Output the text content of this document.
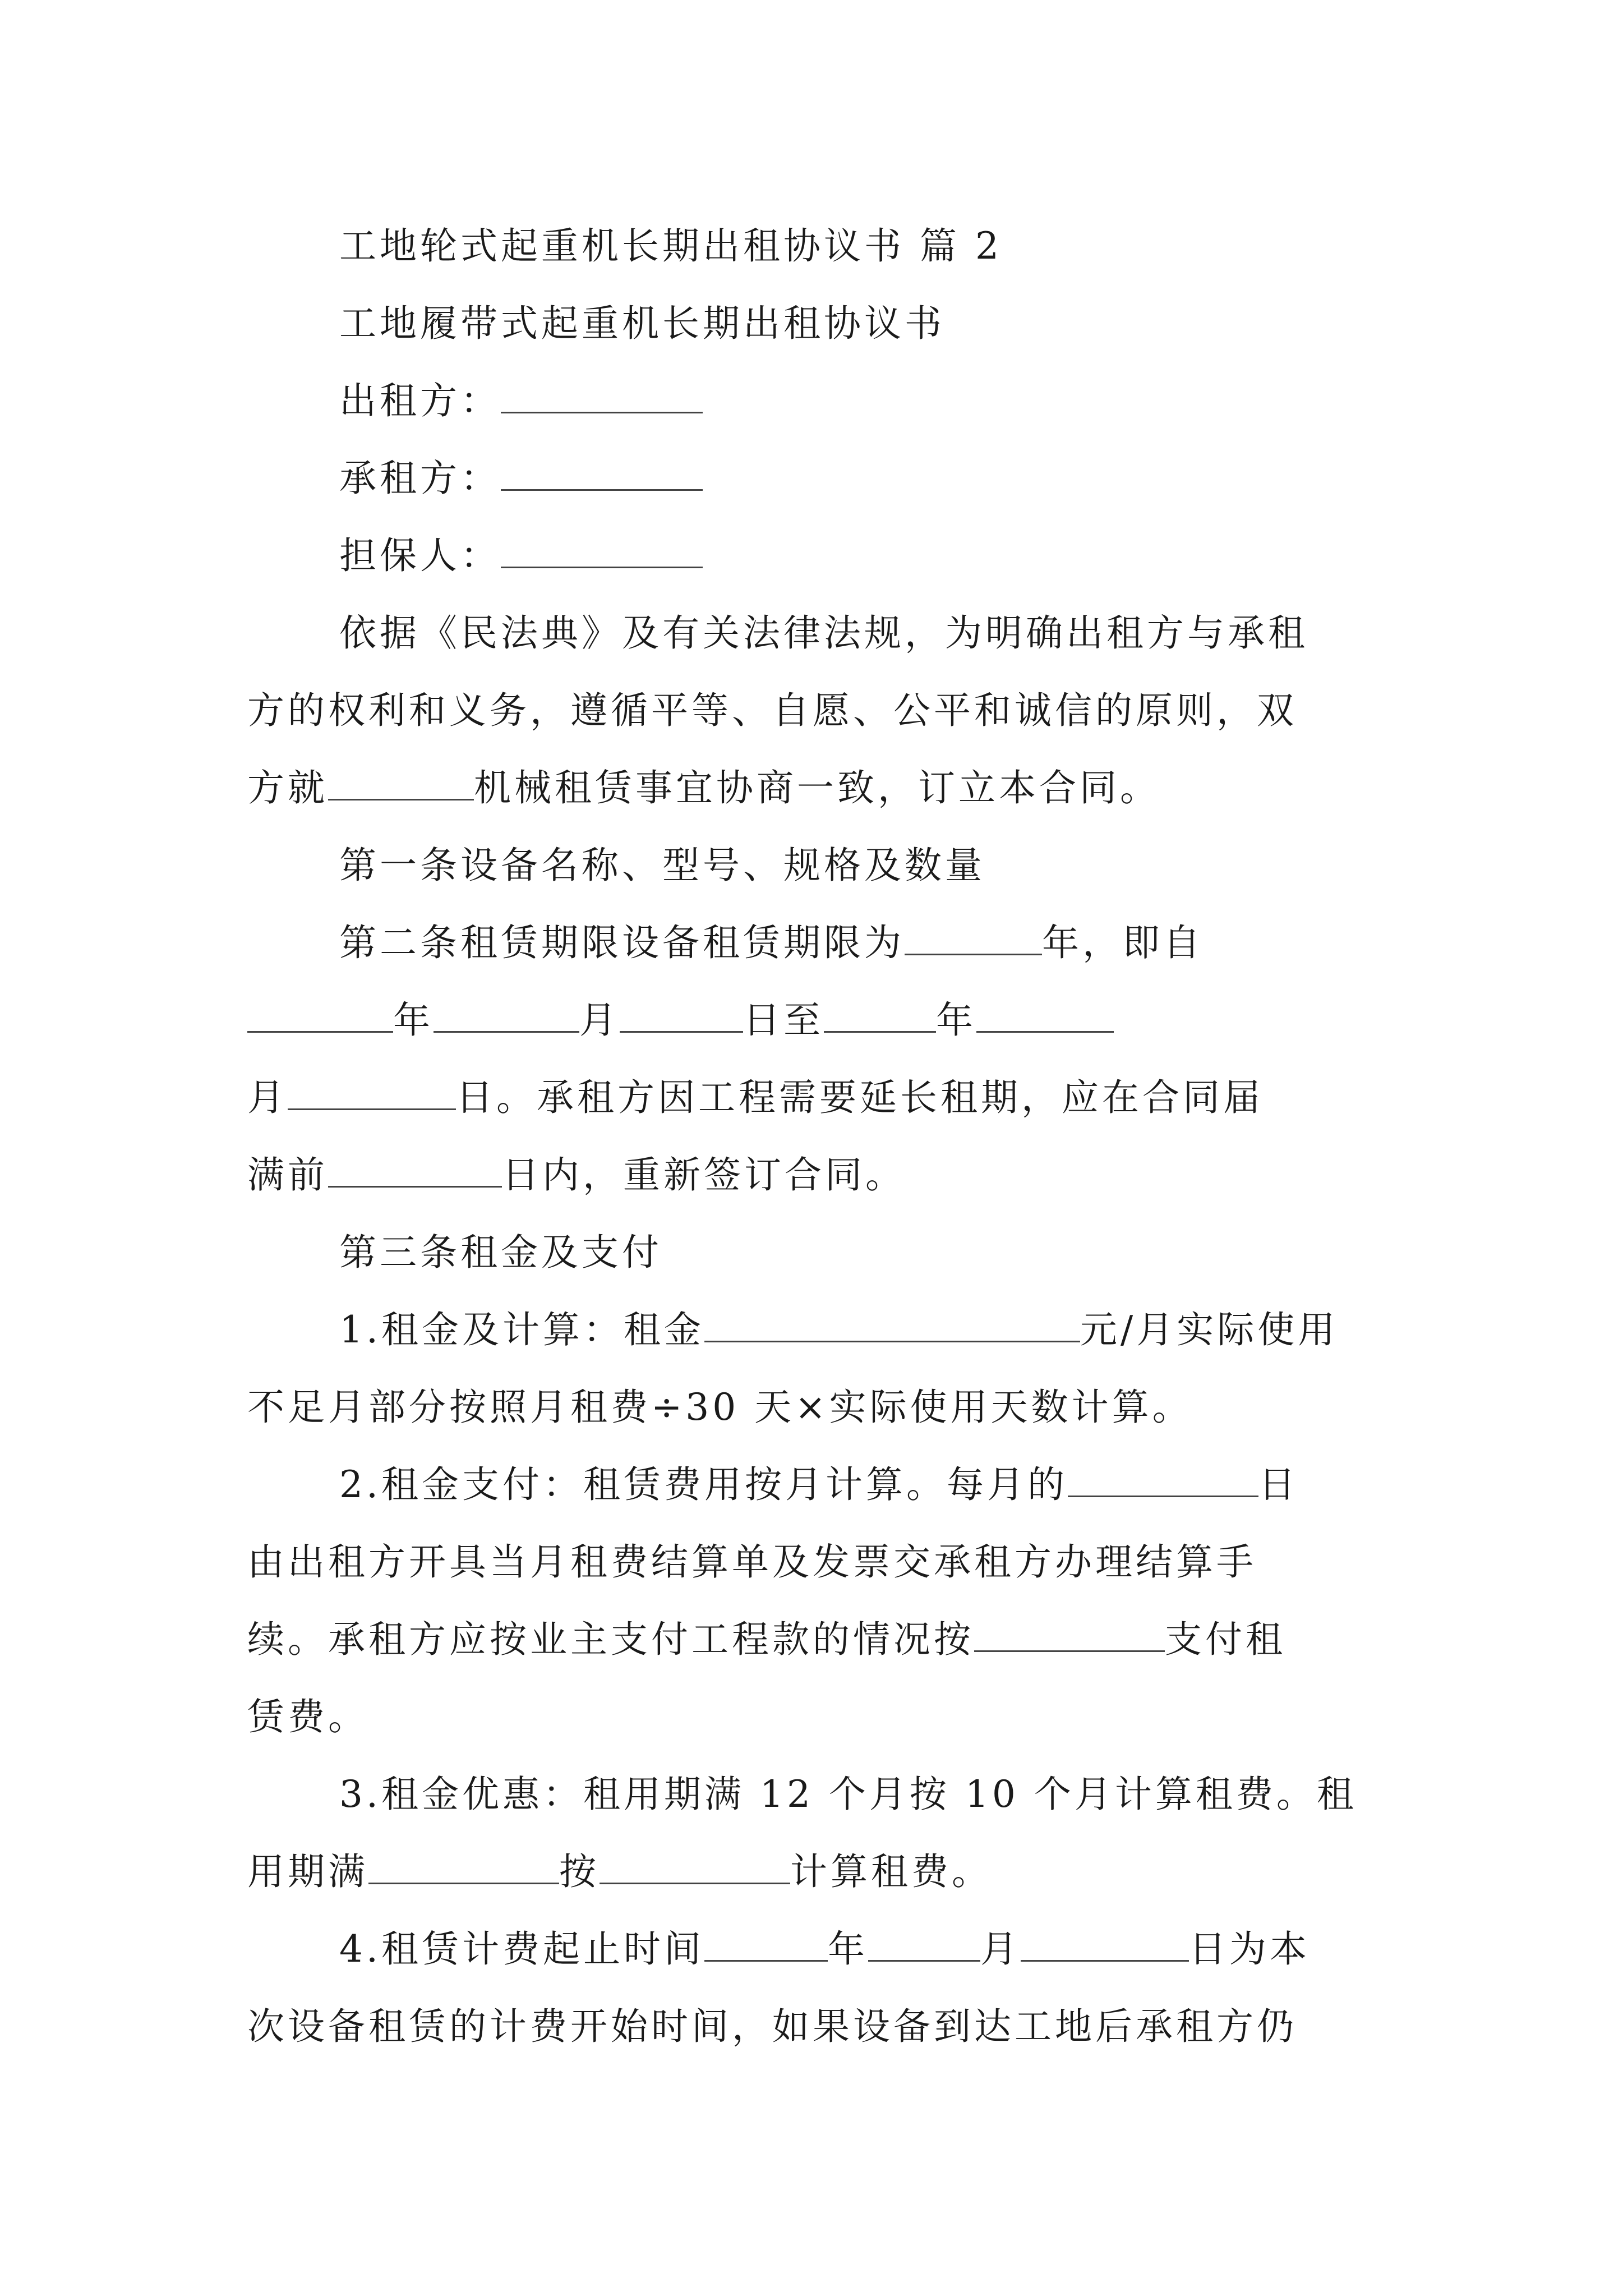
工地轮式起重机长期出租协议书 篇 2
工地履带式起重机长期出租协议书
出租方：
承租方：
担保人：
依据《民法典》及有关法律法规，为明确出租方与承租
方的权利和义务，遵循平等、自愿、公平和诚信的原则，双
方就	机械租赁事宜协商一致，订立本合同。
第一条设备名称、型号、规格及数量
第二条租赁期限设备租赁期限为	年，即自
年	月	日至	年
月	日。承租方因工程需要延长租期，应在合同届
满前	日内，重新签订合同。
第三条租金及支付
1.租金及计算：租金	元/月实际使用
不足月部分按照月租费÷30 天×实际使用天数计算。
2.租金支付：租赁费用按月计算。每月的	日
由出租方开具当月租费结算单及发票交承租方办理结算手
续。承租方应按业主支付工程款的情况按	支付租
赁费。
3.租金优惠：租用期满 12 个月按 10 个月计算租费。租
用期满	按	计算租费。
4.租赁计费起止时间	年	月	日为本
次设备租赁的计费开始时间，如果设备到达工地后承租方仍
